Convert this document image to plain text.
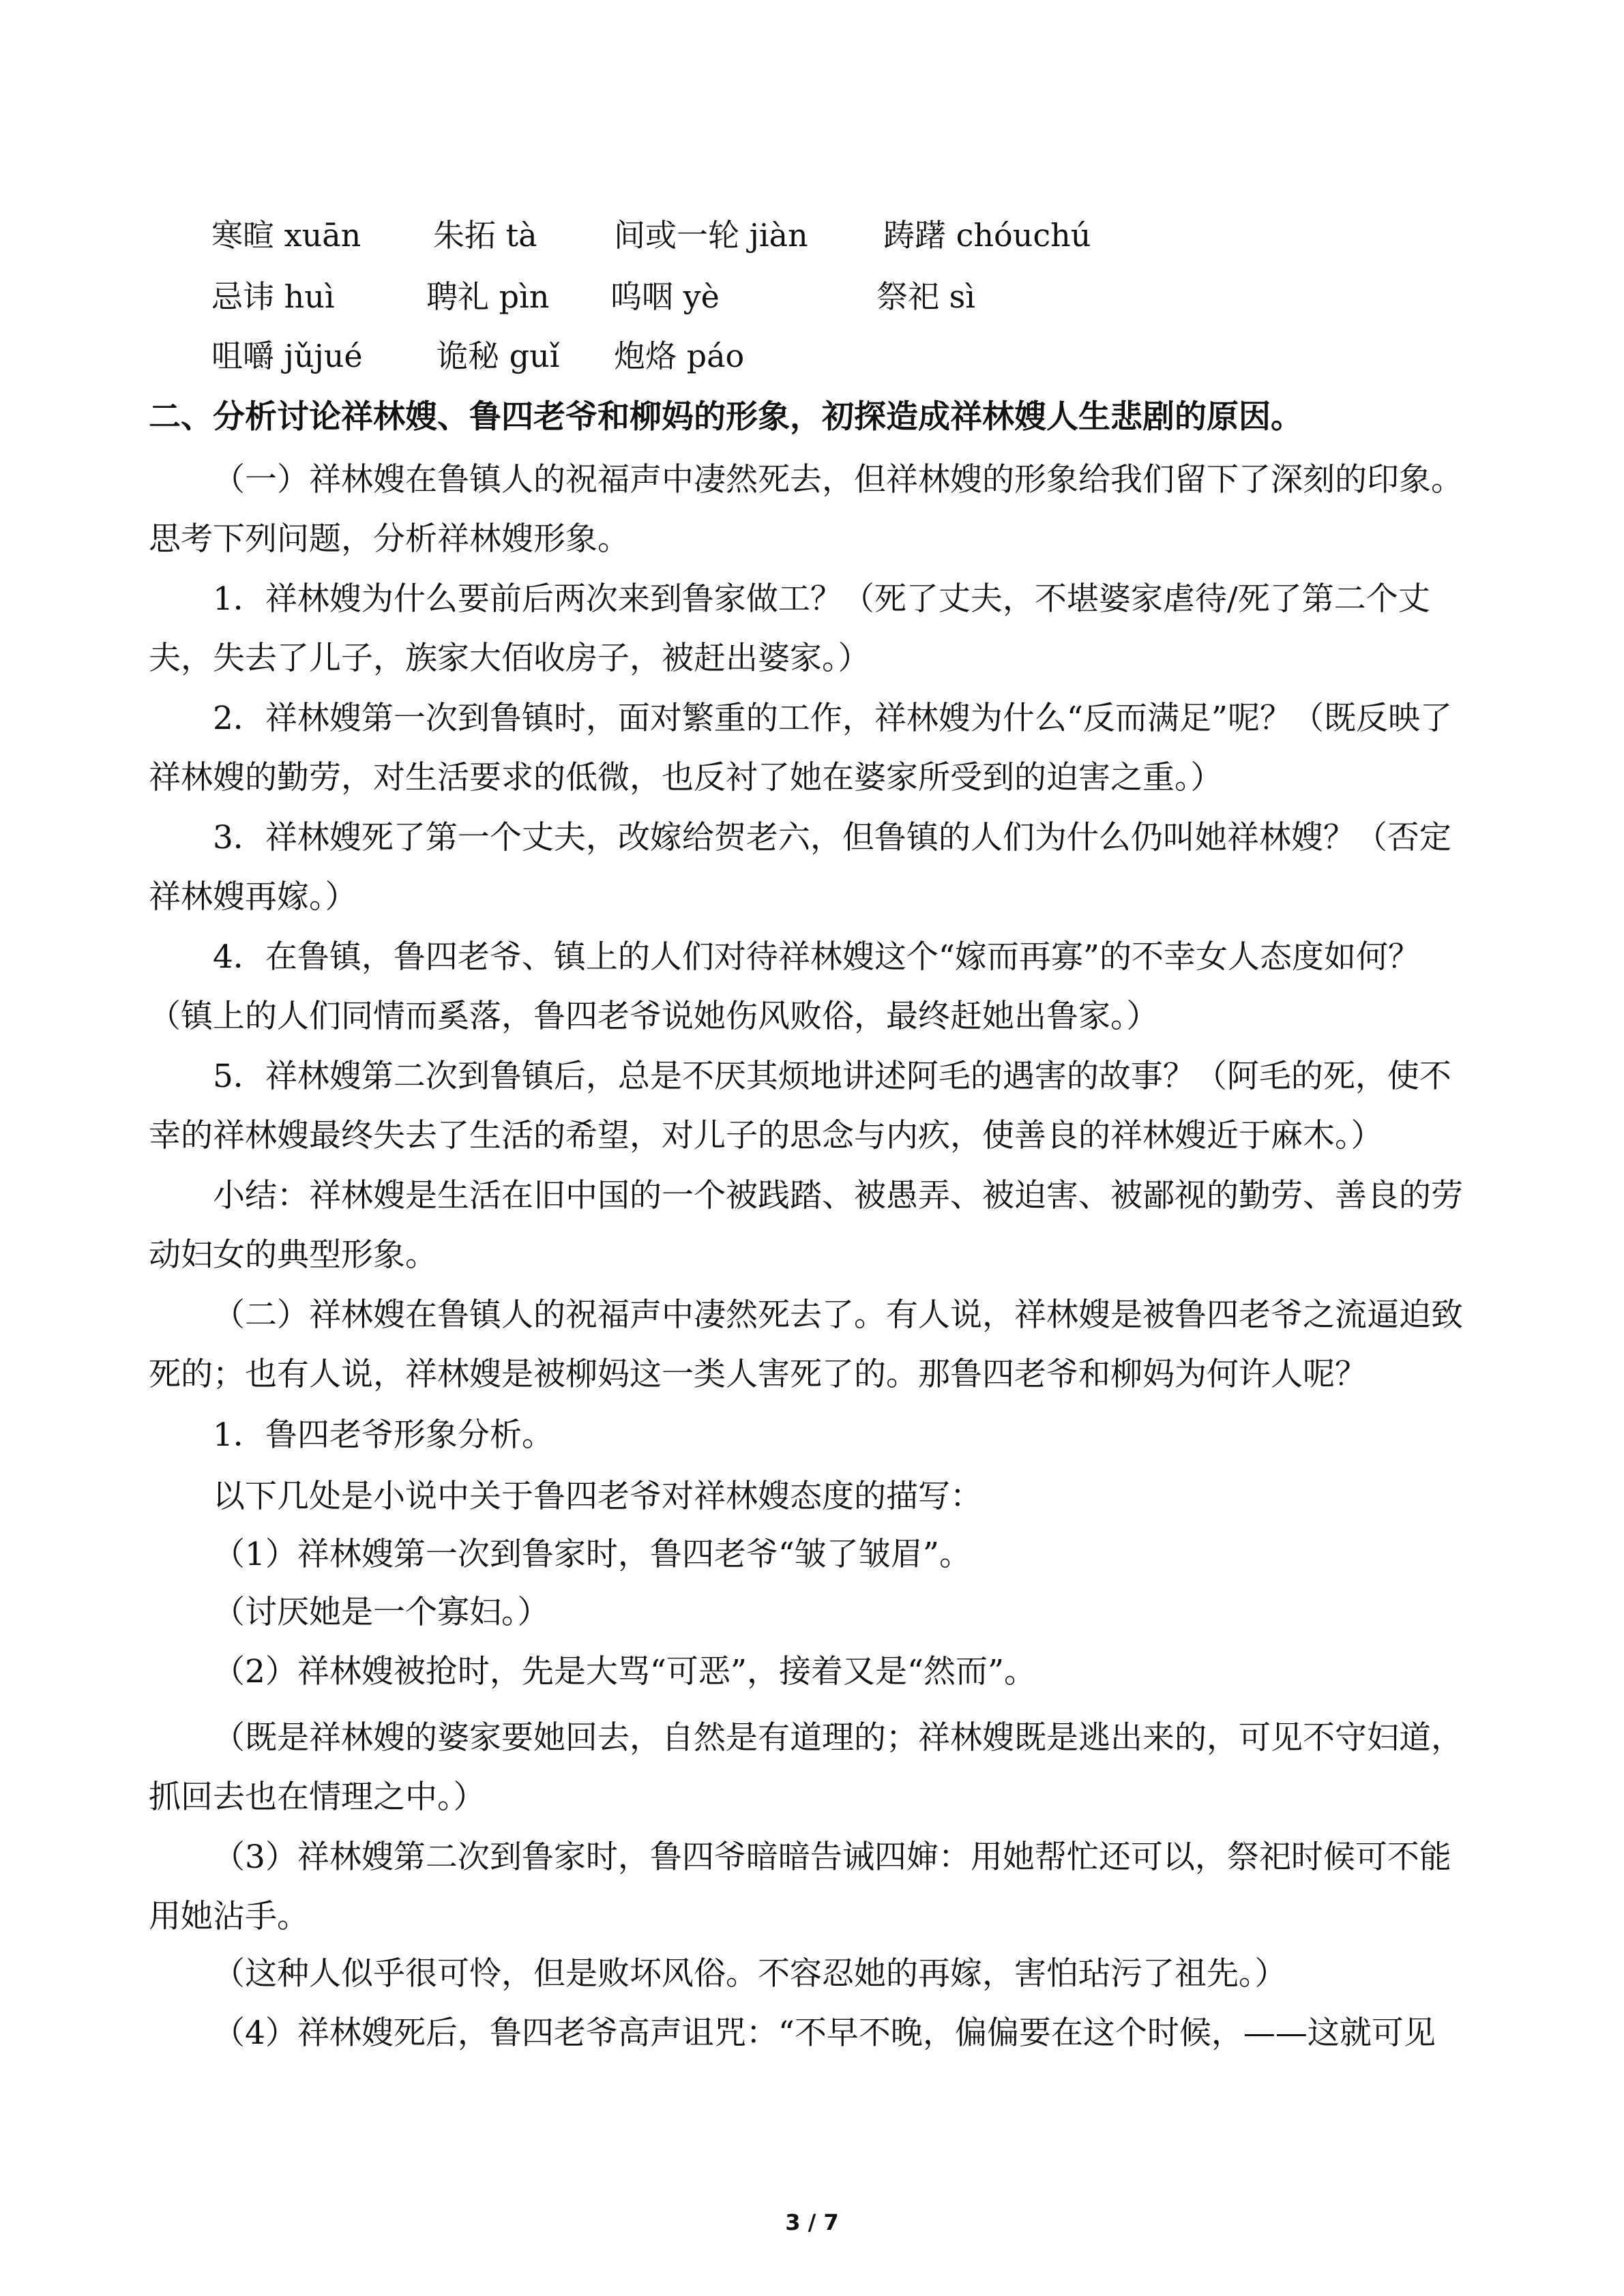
寒暄 xuān 朱拓 tà 间或一轮 jiàn 踌躇 chóuchú
忌讳 huì	聘礼 pìn 呜咽 yè	祭祀 sì
咀嚼 jǔjué 诡秘 guǐ 炮烙 páo
二、分析讨论祥林嫂、鲁四老爷和柳妈的形象，初探造成祥林嫂人生悲剧的原因。
（一）祥林嫂在鲁镇人的祝福声中凄然死去，但祥林嫂的形象给我们留下了深刻的印象。思考下列问题，分析祥林嫂形象。
1．祥林嫂为什么要前后两次来到鲁家做工？（死了丈夫，不堪婆家虐待/死了第二个丈夫，失去了儿子，族家大佰收房子，被赶出婆家。）
2．祥林嫂第一次到鲁镇时，面对繁重的工作，祥林嫂为什么“反而满足”呢？（既反映了祥林嫂的勤劳，对生活要求的低微，也反衬了她在婆家所受到的迫害之重。）
3．祥林嫂死了第一个丈夫，改嫁给贺老六，但鲁镇的人们为什么仍叫她祥林嫂？（否定祥林嫂再嫁。）
4．在鲁镇，鲁四老爷、镇上的人们对待祥林嫂这个“嫁而再寡”的不幸女人态度如何？（镇上的人们同情而奚落，鲁四老爷说她伤风败俗，最终赶她出鲁家。）
5．祥林嫂第二次到鲁镇后，总是不厌其烦地讲述阿毛的遇害的故事？（阿毛的死，使不幸的祥林嫂最终失去了生活的希望，对儿子的思念与内疚，使善良的祥林嫂近于麻木。）
小结：祥林嫂是生活在旧中国的一个被践踏、被愚弄、被迫害、被鄙视的勤劳、善良的劳动妇女的典型形象。
（二）祥林嫂在鲁镇人的祝福声中凄然死去了。有人说，祥林嫂是被鲁四老爷之流逼迫致死的；也有人说，祥林嫂是被柳妈这一类人害死了的。那鲁四老爷和柳妈为何许人呢？
1．鲁四老爷形象分析。
以下几处是小说中关于鲁四老爷对祥林嫂态度的描写：
（1）祥林嫂第一次到鲁家时，鲁四老爷“皱了皱眉”。
（讨厌她是一个寡妇。）
（2）祥林嫂被抢时，先是大骂“可恶”，接着又是“然而”。
（既是祥林嫂的婆家要她回去，自然是有道理的；祥林嫂既是逃出来的，可见不守妇道，抓回去也在情理之中。）
（3）祥林嫂第二次到鲁家时，鲁四爷暗暗告诫四婶：用她帮忙还可以，祭祀时候可不能用她沾手。
（这种人似乎很可怜，但是败坏风俗。不容忍她的再嫁，害怕玷污了祖先。）
（4）祥林嫂死后，鲁四老爷高声诅咒：“不早不晚，偏偏要在这个时候，——这就可见
3 / 7
